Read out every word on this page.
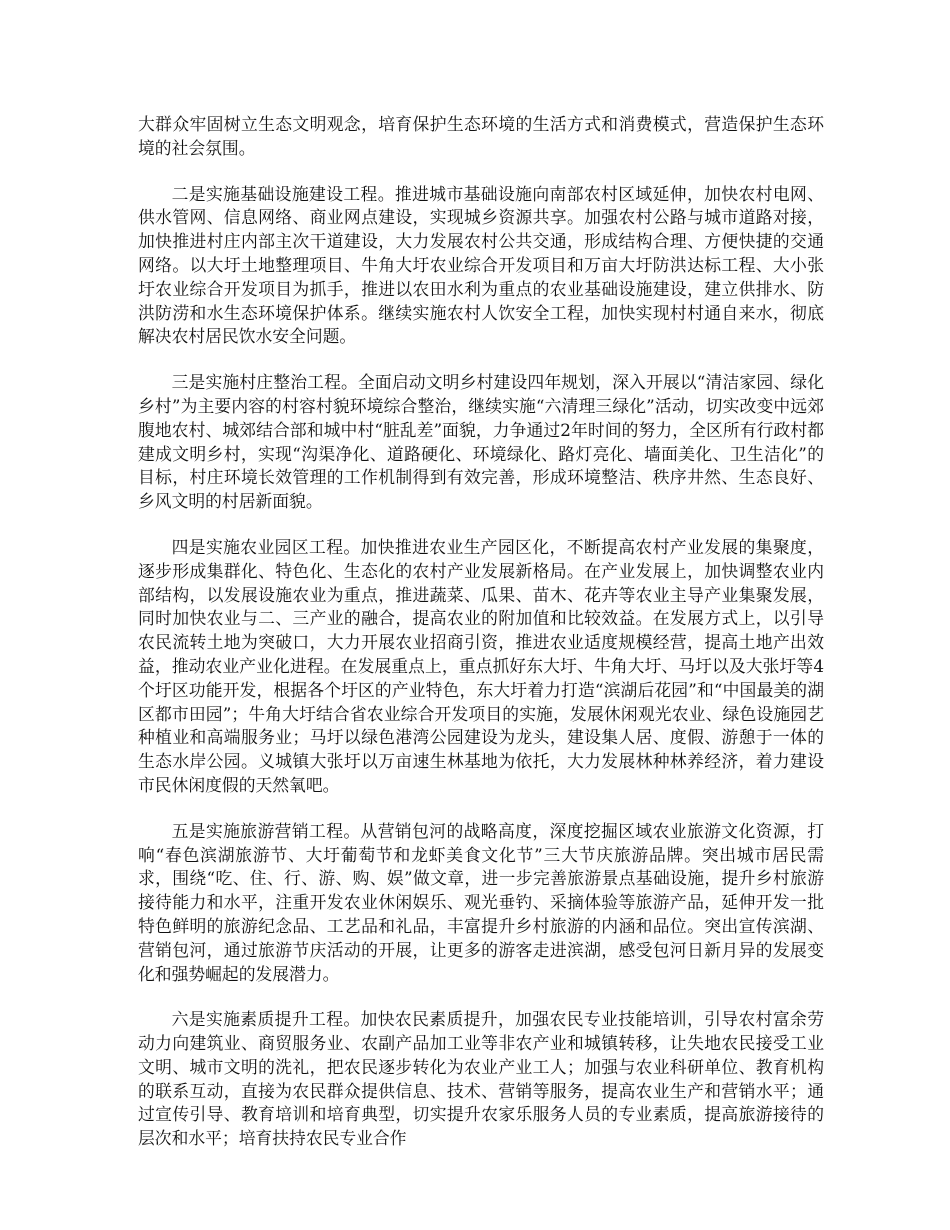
大群众牢固树立生态文明观念，培育保护生态环境的生活方式和消费模式，营造保护生态环境的社会氛围。

二是实施基础设施建设工程。推进城市基础设施向南部农村区域延伸，加快农村电网、供水管网、信息网络、商业网点建设，实现城乡资源共享。加强农村公路与城市道路对接，加快推进村庄内部主次干道建设，大力发展农村公共交通，形成结构合理、方便快捷的交通网络。以大圩土地整理项目、牛角大圩农业综合开发项目和万亩大圩防洪达标工程、大小张圩农业综合开发项目为抓手，推进以农田水利为重点的农业基础设施建设，建立供排水、防洪防涝和水生态环境保护体系。继续实施农村人饮安全工程，加快实现村村通自来水，彻底解决农村居民饮水安全问题。

三是实施村庄整治工程。全面启动文明乡村建设四年规划，深入开展以“清洁家园、绿化乡村”为主要内容的村容村貌环境综合整治，继续实施“六清理三绿化”活动，切实改变中远郊腹地农村、城郊结合部和城中村“脏乱差”面貌，力争通过2年时间的努力，全区所有行政村都建成文明乡村，实现“沟渠净化、道路硬化、环境绿化、路灯亮化、墙面美化、卫生洁化”的目标，村庄环境长效管理的工作机制得到有效完善，形成环境整洁、秩序井然、生态良好、乡风文明的村居新面貌。

四是实施农业园区工程。加快推进农业生产园区化，不断提高农村产业发展的集聚度，逐步形成集群化、特色化、生态化的农村产业发展新格局。在产业发展上，加快调整农业内部结构，以发展设施农业为重点，推进蔬菜、瓜果、苗木、花卉等农业主导产业集聚发展，同时加快农业与二、三产业的融合，提高农业的附加值和比较效益。在发展方式上，以引导农民流转土地为突破口，大力开展农业招商引资，推进农业适度规模经营，提高土地产出效益，推动农业产业化进程。在发展重点上，重点抓好东大圩、牛角大圩、马圩以及大张圩等4个圩区功能开发，根据各个圩区的产业特色，东大圩着力打造“滨湖后花园”和“中国最美的湖区都市田园”；牛角大圩结合省农业综合开发项目的实施，发展休闲观光农业、绿色设施园艺种植业和高端服务业；马圩以绿色港湾公园建设为龙头，建设集人居、度假、游憩于一体的生态水岸公园。义城镇大张圩以万亩速生林基地为依托，大力发展林种林养经济，着力建设市民休闲度假的天然氧吧。

五是实施旅游营销工程。从营销包河的战略高度，深度挖掘区域农业旅游文化资源，打响“春色滨湖旅游节、大圩葡萄节和龙虾美食文化节”三大节庆旅游品牌。突出城市居民需求，围绕“吃、住、行、游、购、娱”做文章，进一步完善旅游景点基础设施，提升乡村旅游接待能力和水平，注重开发农业休闲娱乐、观光垂钓、采摘体验等旅游产品，延伸开发一批特色鲜明的旅游纪念品、工艺品和礼品，丰富提升乡村旅游的内涵和品位。突出宣传滨湖、营销包河，通过旅游节庆活动的开展，让更多的游客走进滨湖，感受包河日新月异的发展变化和强势崛起的发展潜力。

六是实施素质提升工程。加快农民素质提升，加强农民专业技能培训，引导农村富余劳动力向建筑业、商贸服务业、农副产品加工业等非农产业和城镇转移，让失地农民接受工业文明、城市文明的洗礼，把农民逐步转化为农业产业工人；加强与农业科研单位、教育机构的联系互动，直接为农民群众提供信息、技术、营销等服务，提高农业生产和营销水平；通过宣传引导、教育培训和培育典型，切实提升农家乐服务人员的专业素质，提高旅游接待的层次和水平；培育扶持农民专业合作
